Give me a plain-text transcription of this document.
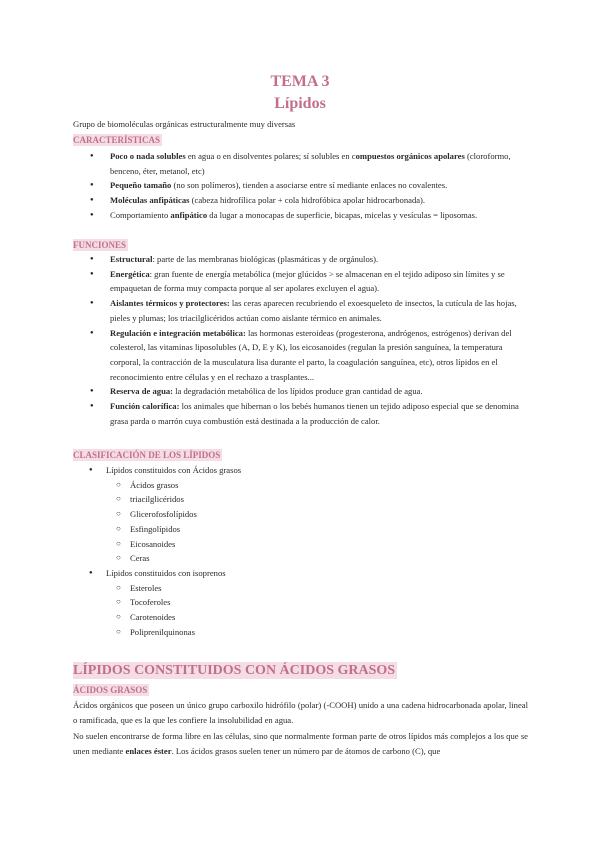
TEMA 3
Lípidos
Grupo de biomoléculas orgánicas estructuralmente muy diversas
CARACTERÍSTICAS
● Poco o nada solubles en agua o en disolventes polares; sí solubles en compuestos orgánicos apolares (cloroformo, benceno, éter, metanol, etc)
● Pequeño tamaño (no son polímeros), tienden a asociarse entre sí mediante enlaces no covalentes.
● Moléculas anfipáticas (cabeza hidrofílica polar + cola hidrofóbica apolar hidrocarbonada).
● Comportamiento anfipático da lugar a monocapas de superficie, bicapas, micelas y vesículas = liposomas.
FUNCIONES
● Estructural: parte de las membranas biológicas (plasmáticas y de orgánulos).
● Energética: gran fuente de energía metabólica (mejor glúcidos > se almacenan en el tejido adiposo sin límites y se empaquetan de forma muy compacta porque al ser apolares excluyen el agua).
● Aislantes térmicos y protectores: las ceras aparecen recubriendo el exoesqueleto de insectos, la cutícula de las hojas, pieles y plumas; los triacilglicéridos actúan como aislante térmico en animales.
● Regulación e integración metabólica: las hormonas esteroideas (progesterona, andrógenos, estrógenos) derivan del colesterol, las vitaminas liposolubles (A, D, E y K), los eicosanoides (regulan la presión sanguínea, la temperatura corporal, la contracción de la musculatura lisa durante el parto, la coagulación sanguínea, etc), otros lípidos en el reconocimiento entre células y en el rechazo a trasplantes...
● Reserva de agua: la degradación metabólica de los lípidos produce gran cantidad de agua.
● Función calorífica: los animales que hibernan o los bebés humanos tienen un tejido adiposo especial que se denomina grasa parda o marrón cuya combustión está destinada a la producción de calor.
CLASIFICACIÓN DE LOS LÍPIDOS
● Lípidos constituidos con Ácidos grasos
○ Ácidos grasos
○ triacilglicéridos
○ Glicerofosfolípidos
○ Esfingolípidos
○ Eicosanoides
○ Ceras
● Lípidos constituidos con isoprenos
○ Esteroles
○ Tocoferoles
○ Carotenoides
○ Poliprenilquinonas
LÍPIDOS CONSTITUIDOS CON ÁCIDOS GRASOS
ÁCIDOS GRASOS
Ácidos orgánicos que poseen un único grupo carboxilo hidrófilo (polar) (-COOH) unido a una cadena hidrocarbonada apolar, lineal o ramificada, que es la que les confiere la insolubilidad en agua.
No suelen encontrarse de forma libre en las células, sino que normalmente forman parte de otros lípidos más complejos a los que se unen mediante enlaces éster. Los ácidos grasos suelen tener un número par de átomos de carbono (C), que
